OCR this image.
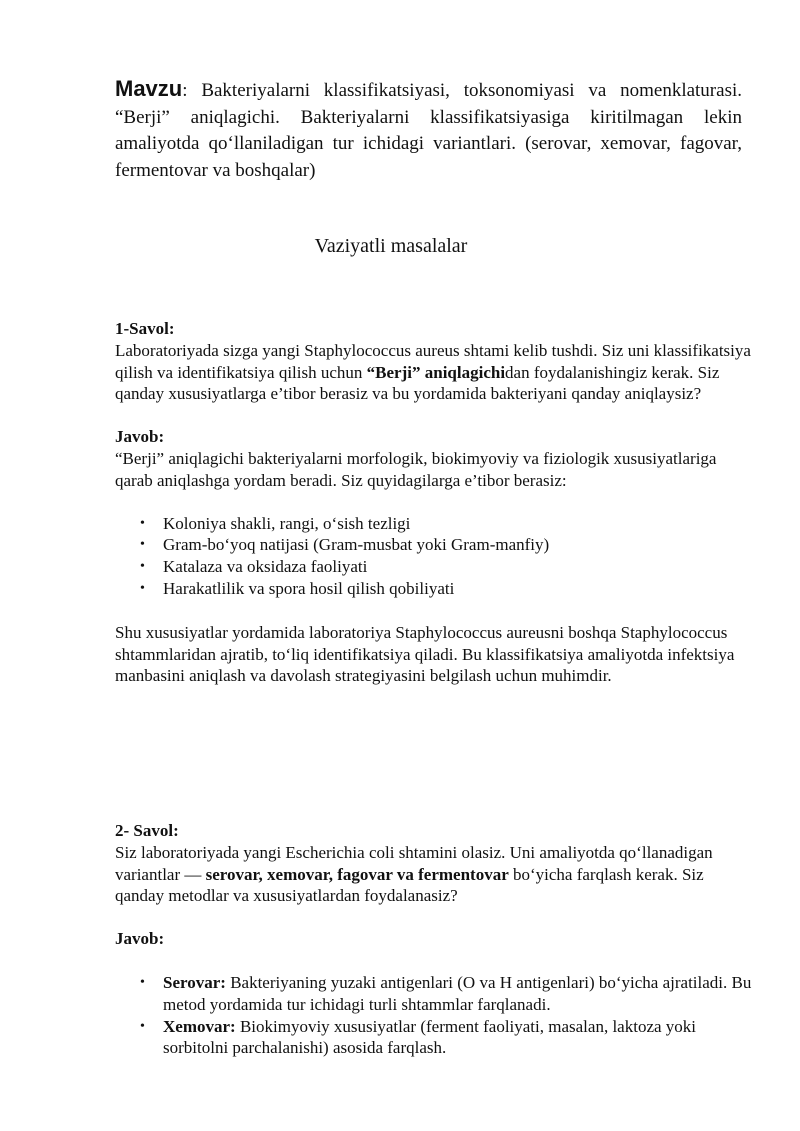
Mavzu: Bakteriyalarni klassifikatsiyasi, toksonomiyasi va nomenklaturasi. “Berji” aniqlagichi. Bakteriyalarni klassifikatsiyasiga kiritilmagan lekin amaliyotda qo‘llaniladigan tur ichidagi variantlari. (serovar, xemovar, fagovar, fermentovar va boshqalar)

Vaziyatli masalalar

1-Savol:

Laboratoriyada sizga yangi Staphylococcus aureus shtami kelib tushdi. Siz uni klassifikatsiya qilish va identifikatsiya qilish uchun “Berji” aniqlagichidan foydalanishingiz kerak. Siz qanday xususiyatlarga e’tibor berasiz va bu yordamida bakteriyani qanday aniqlaysiz?

Javob:

“Berji” aniqlagichi bakteriyalarni morfologik, biokimyoviy va fiziologik xususiyatlariga qarab aniqlashga yordam beradi. Siz quyidagilarga e’tibor berasiz:

• Koloniya shakli, rangi, o‘sish tezligi
• Gram-bo‘yoq natijasi (Gram-musbat yoki Gram-manfiy)
• Katalaza va oksidaza faoliyati
• Harakatlilik va spora hosil qilish qobiliyati

Shu xususiyatlar yordamida laboratoriya Staphylococcus aureusni boshqa Staphylococcus shtammlaridan ajratib, to‘liq identifikatsiya qiladi. Bu klassifikatsiya amaliyotda infektsiya manbasini aniqlash va davolash strategiyasini belgilash uchun muhimdir.

2- Savol:

Siz laboratoriyada yangi Escherichia coli shtamini olasiz. Uni amaliyotda qo‘llanadigan variantlar — serovar, xemovar, fagovar va fermentovar bo‘yicha farqlash kerak. Siz qanday metodlar va xususiyatlardan foydalanasiz?

Javob:

• Serovar: Bakteriyaning yuzaki antigenlari (O va H antigenlari) bo‘yicha ajratiladi. Bu metod yordamida tur ichidagi turli shtammlar farqlanadi.
• Xemovar: Biokimyoviy xususiyatlar (ferment faoliyati, masalan, laktoza yoki sorbitolni parchalanishi) asosida farqlash.
